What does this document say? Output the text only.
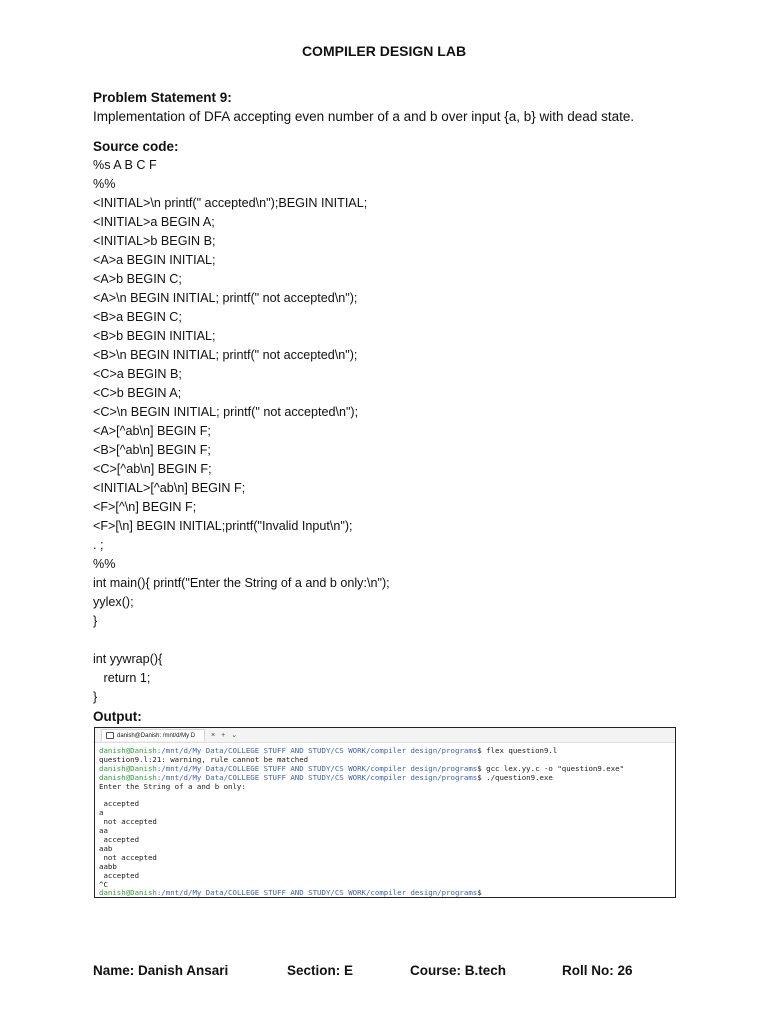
COMPILER DESIGN LAB
Problem Statement 9:
Implementation of DFA accepting even number of a and b over input {a, b} with dead state.
Source code:
%s A B C F
%%
<INITIAL>\n printf(" accepted\n");BEGIN INITIAL;
<INITIAL>a BEGIN A;
<INITIAL>b BEGIN B;
<A>a BEGIN INITIAL;
<A>b BEGIN C;
<A>\n BEGIN INITIAL; printf(" not accepted\n");
<B>a BEGIN C;
<B>b BEGIN INITIAL;
<B>\n BEGIN INITIAL; printf(" not accepted\n");
<C>a BEGIN B;
<C>b BEGIN A;
<C>\n BEGIN INITIAL; printf(" not accepted\n");
<A>[^ab\n] BEGIN F;
<B>[^ab\n] BEGIN F;
<C>[^ab\n] BEGIN F;
<INITIAL>[^ab\n] BEGIN F;
<F>[^\n] BEGIN F;
<F>[\n] BEGIN INITIAL;printf("Invalid Input\n");
. ;
%%
int main(){ printf("Enter the String of a and b only:\n");
yylex();
}
int yywrap(){
return 1;
}
Output:
danish@Danish: /mnt/d/My D × + ⌄
danish@Danish:/mnt/d/My Data/COLLEGE STUFF AND STUDY/CS WORK/compiler design/programs$ flex question9.l
question9.l:21: warning, rule cannot be matched
danish@Danish:/mnt/d/My Data/COLLEGE STUFF AND STUDY/CS WORK/compiler design/programs$ gcc lex.yy.c -o "question9.exe"
danish@Danish:/mnt/d/My Data/COLLEGE STUFF AND STUDY/CS WORK/compiler design/programs$ ./question9.exe
Enter the String of a and b only:
accepted
a
not accepted
aa
accepted
aab
not accepted
aabb
accepted
^C
danish@Danish:/mnt/d/My Data/COLLEGE STUFF AND STUDY/CS WORK/compiler design/programs$
Name: Danish Ansari	Section: E	Course: B.tech	Roll No: 26
